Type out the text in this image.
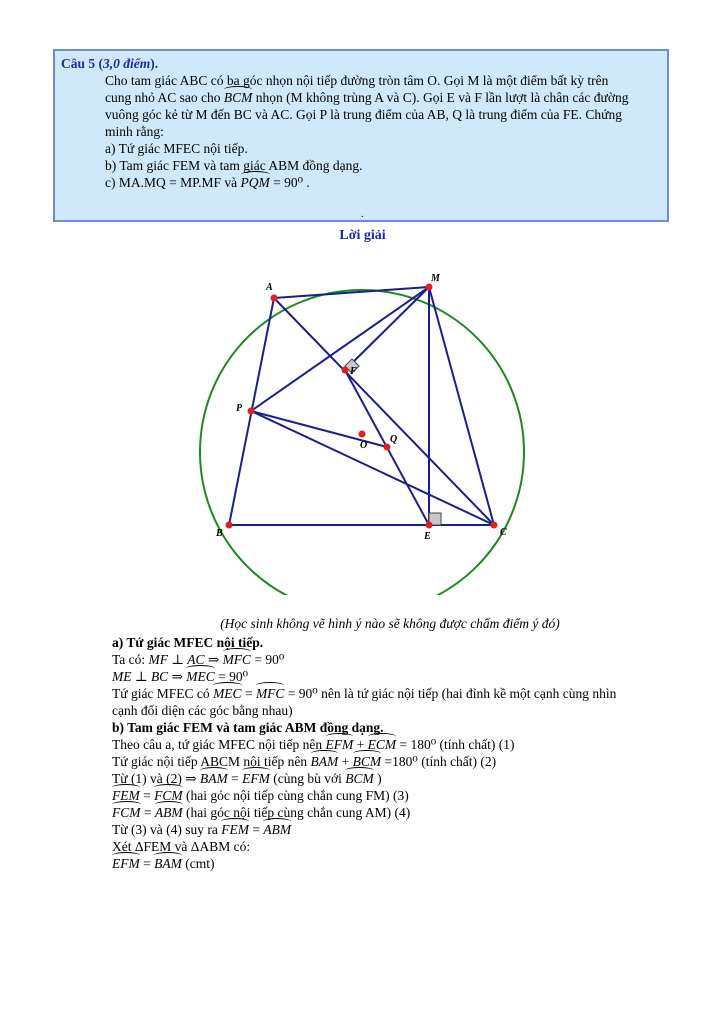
Câu 5 (3,0 điểm).

Cho tam giác ABC có ba góc nhọn nội tiếp đường tròn tâm O. Gọi M là một điểm bất kỳ trên

cung nhỏ AC sao cho BCM nhọn (M không trùng A và C). Gọi E và F lần lượt là chân các đường

vuông góc kẻ từ M đến BC và AC. Gọi P là trung điểm của AB, Q là trung điểm của FE. Chứng

minh rằng:

a) Tứ giác MFEC nội tiếp.

b) Tam giác FEM và tam giác ABM đồng dạng.

c) MA.MQ = MP.MF và PQM = 90⁰ .

.
Lời giải
A
M
F
P
O
Q
B	E	C
(Học sinh không vẽ hình ý nào sẽ không được chấm điểm ý đó)
a) Tứ giác MFEC nội tiếp.

Ta có: MF ⊥ AC ⇒ MFC = 90⁰

ME ⊥ BC ⇒ MEC = 90⁰

Tứ giác MFEC có MEC = MFC = 90⁰ nên là tứ giác nội tiếp (hai đỉnh kề một cạnh cùng nhìn

cạnh đối diện các góc bằng nhau)

b) Tam giác FEM và tam giác ABM đồng dạng.

Theo câu a, tứ giác MFEC nội tiếp nên EFM + ECM = 180⁰ (tính chất) (1)

Tứ giác nội tiếp ABCM nội tiếp nên BAM + BCM =180⁰ (tính chất) (2)

Từ (1) và (2) ⇒ BAM = EFM (cùng bù với BCM )

FEM = FCM (hai góc nội tiếp cùng chắn cung FM) (3)

FCM = ABM (hai góc nội tiếp cùng chắn cung AM) (4)

Từ (3) và (4) suy ra FEM = ABM

Xét ΔFEM và ΔABM có:

EFM = BAM (cmt)
